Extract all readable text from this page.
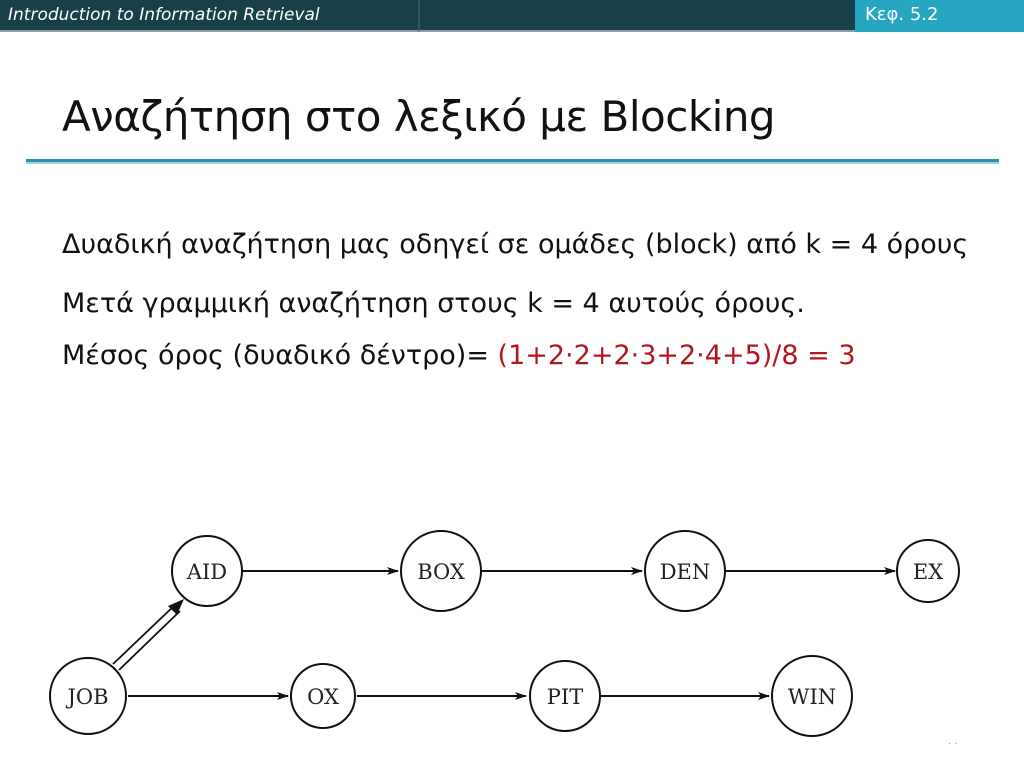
Introduction to Information Retrieval	Κεφ. 5.2
Αναζήτηση στο λεξικό με Blocking

Δυαδική αναζήτηση μας οδηγεί σε ομάδες (block) από k = 4 όρους

Μετά γραμμική αναζήτηση στους k = 4 αυτούς όρους.

Μέσος όρος (δυαδικό δέντρο)= (1+2·2+2·3+2·4+5)/8 = 3

AID	BOX	DEN	EX
JOB	OX	PIT	WIN
. .
